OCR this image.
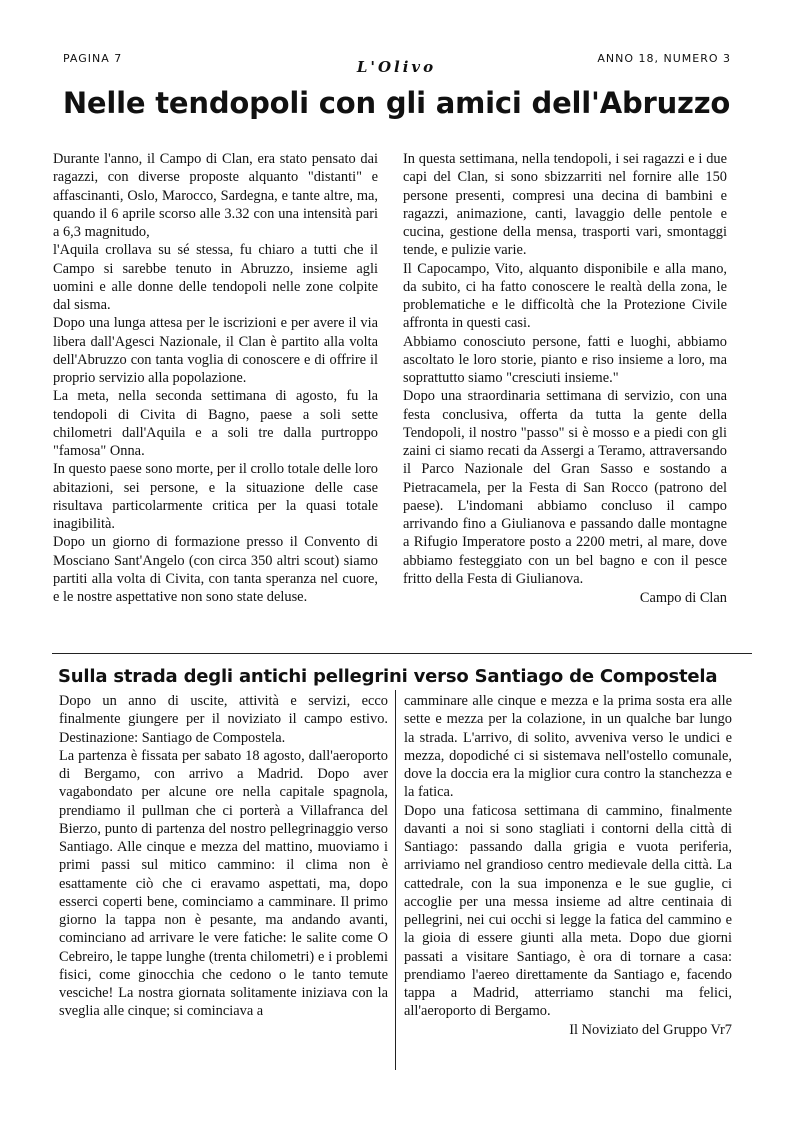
PAGINA 7	L'Olivo	ANNO 18, NUMERO 3
Nelle tendopoli con gli amici dell'Abruzzo

Durante l'anno, il Campo di Clan, era stato pensato dai ragazzi, con diverse proposte alquanto "distanti" e affascinanti, Oslo, Marocco, Sardegna, e tante altre, ma, quando il 6 aprile scorso alle 3.32 con una intensità pari a 6,3 magnitudo,

l'Aquila crollava su sé stessa, fu chiaro a tutti che il Campo si sarebbe tenuto in Abruzzo, insieme agli uomini e alle donne delle tendopoli nelle zone colpite dal sisma.

Dopo una lunga attesa per le iscrizioni e per avere il via libera dall'Agesci Nazionale, il Clan è partito alla volta dell'Abruzzo con tanta voglia di conoscere e di offrire il proprio servizio alla popolazione.

La meta, nella seconda settimana di agosto, fu la tendopoli di Civita di Bagno, paese a soli sette chilometri dall'Aquila e a soli tre dalla purtroppo "famosa" Onna.

In questo paese sono morte, per il crollo totale delle loro abitazioni, sei persone, e la situazione delle case risultava particolarmente critica per la quasi totale inagibilità.

Dopo un giorno di formazione presso il Convento di Mosciano Sant'Angelo (con circa 350 altri scout) siamo partiti alla volta di Civita, con tanta speranza nel cuore, e le nostre aspettative non sono state deluse.

In questa settimana, nella tendopoli, i sei ragazzi e i due capi del Clan, si sono sbizzarriti nel fornire alle 150 persone presenti, compresi una decina di bambini e ragazzi, animazione, canti, lavaggio delle pentole e cucina, gestione della mensa, trasporti vari, smontaggi tende, e pulizie varie.

Il Capocampo, Vito, alquanto disponibile e alla mano, da subito, ci ha fatto conoscere le realtà della zona, le problematiche e le difficoltà che la Protezione Civile affronta in questi casi.

Abbiamo conosciuto persone, fatti e luoghi, abbiamo ascoltato le loro storie, pianto e riso insieme a loro, ma soprattutto siamo "cresciuti insieme."

Dopo una straordinaria settimana di servizio, con una festa conclusiva, offerta da tutta la gente della Tendopoli, il nostro "passo" si è mosso e a piedi con gli zaini ci siamo recati da Assergi a Teramo, attraversando il Parco Nazionale del Gran Sasso e sostando a Pietracamela, per la Festa di San Rocco (patrono del paese). L'indomani abbiamo concluso il campo arrivando fino a Giulianova e passando dalle montagne a Rifugio Imperatore posto a 2200 metri, al mare, dove abbiamo festeggiato con un bel bagno e con il pesce fritto della Festa di Giulianova.

Campo di Clan

Sulla strada degli antichi pellegrini verso Santiago de Compostela

Dopo un anno di uscite, attività e servizi, ecco finalmente giungere per il noviziato il campo estivo. Destinazione: Santiago de Compostela.

La partenza è fissata per sabato 18 agosto, dall'aeroporto di Bergamo, con arrivo a Madrid. Dopo aver vagabondato per alcune ore nella capitale spagnola, prendiamo il pullman che ci porterà a Villafranca del Bierzo, punto di partenza del nostro pellegrinaggio verso Santiago. Alle cinque e mezza del mattino, muoviamo i primi passi sul mitico cammino: il clima non è esattamente ciò che ci eravamo aspettati, ma, dopo esserci coperti bene, cominciamo a camminare. Il primo giorno la tappa non è pesante, ma andando avanti, cominciano ad arrivare le vere fatiche: le salite come O Cebreiro, le tappe lunghe (trenta chilometri) e i problemi fisici, come ginocchia che cedono o le tanto temute vesciche! La nostra giornata solitamente iniziava con la sveglia alle cinque; si cominciava a

camminare alle cinque e mezza e la prima sosta era alle sette e mezza per la colazione, in un qualche bar lungo la strada. L'arrivo, di solito, avveniva verso le undici e mezza, dopodiché ci si sistemava nell'ostello comunale, dove la doccia era la miglior cura contro la stanchezza e la fatica.

Dopo una faticosa settimana di cammino, finalmente davanti a noi si sono stagliati i contorni della città di Santiago: passando dalla grigia e vuota periferia, arriviamo nel grandioso centro medievale della città. La cattedrale, con la sua imponenza e le sue guglie, ci accoglie per una messa insieme ad altre centinaia di pellegrini, nei cui occhi si legge la fatica del cammino e la gioia di essere giunti alla meta. Dopo due giorni passati a visitare Santiago, è ora di tornare a casa: prendiamo l'aereo direttamente da Santiago e, facendo tappa a Madrid, atterriamo stanchi ma felici, all'aeroporto di Bergamo.

Il Noviziato del Gruppo Vr7
